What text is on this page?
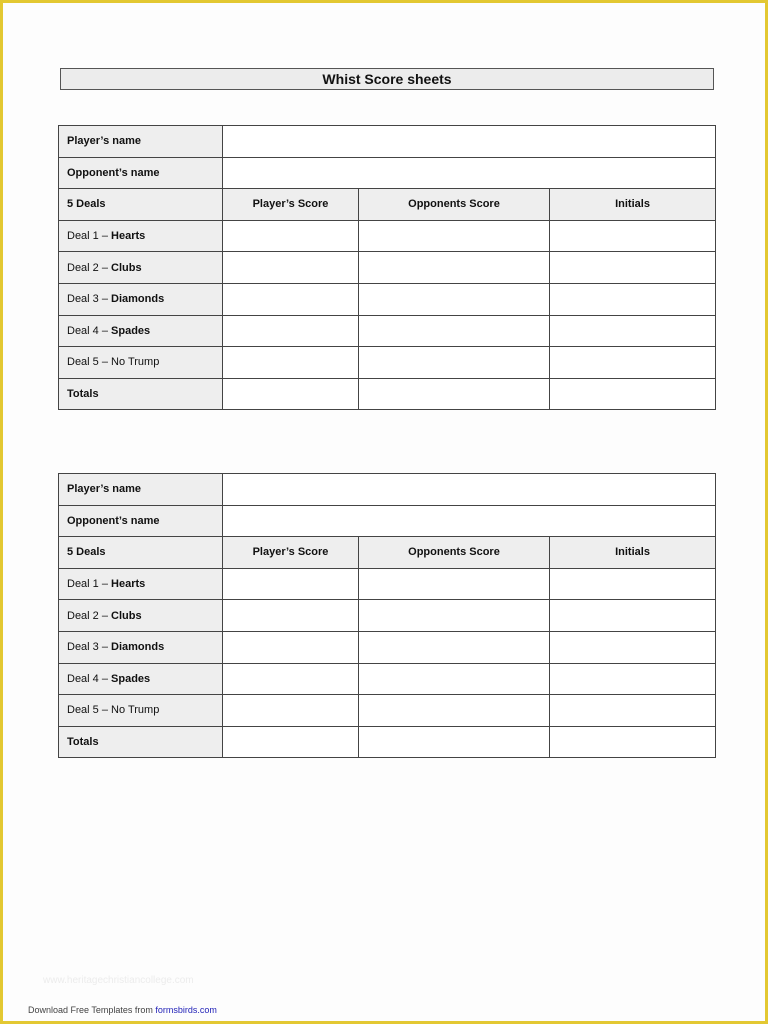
Whist Score sheets
Player’s name			
Opponent’s name			
5 Deals	Player’s Score	Opponents Score	Initials
Deal 1 – Hearts			
Deal 2 – Clubs			
Deal 3 – Diamonds			
Deal 4 – Spades			
Deal 5 – No Trump			
Totals			
Player’s name			
Opponent’s name			
5 Deals	Player’s Score	Opponents Score	Initials
Deal 1 – Hearts			
Deal 2 – Clubs			
Deal 3 – Diamonds			
Deal 4 – Spades			
Deal 5 – No Trump			
Totals			
www.heritagechristiancollege.com
Download Free Templates from formsbirds.com
